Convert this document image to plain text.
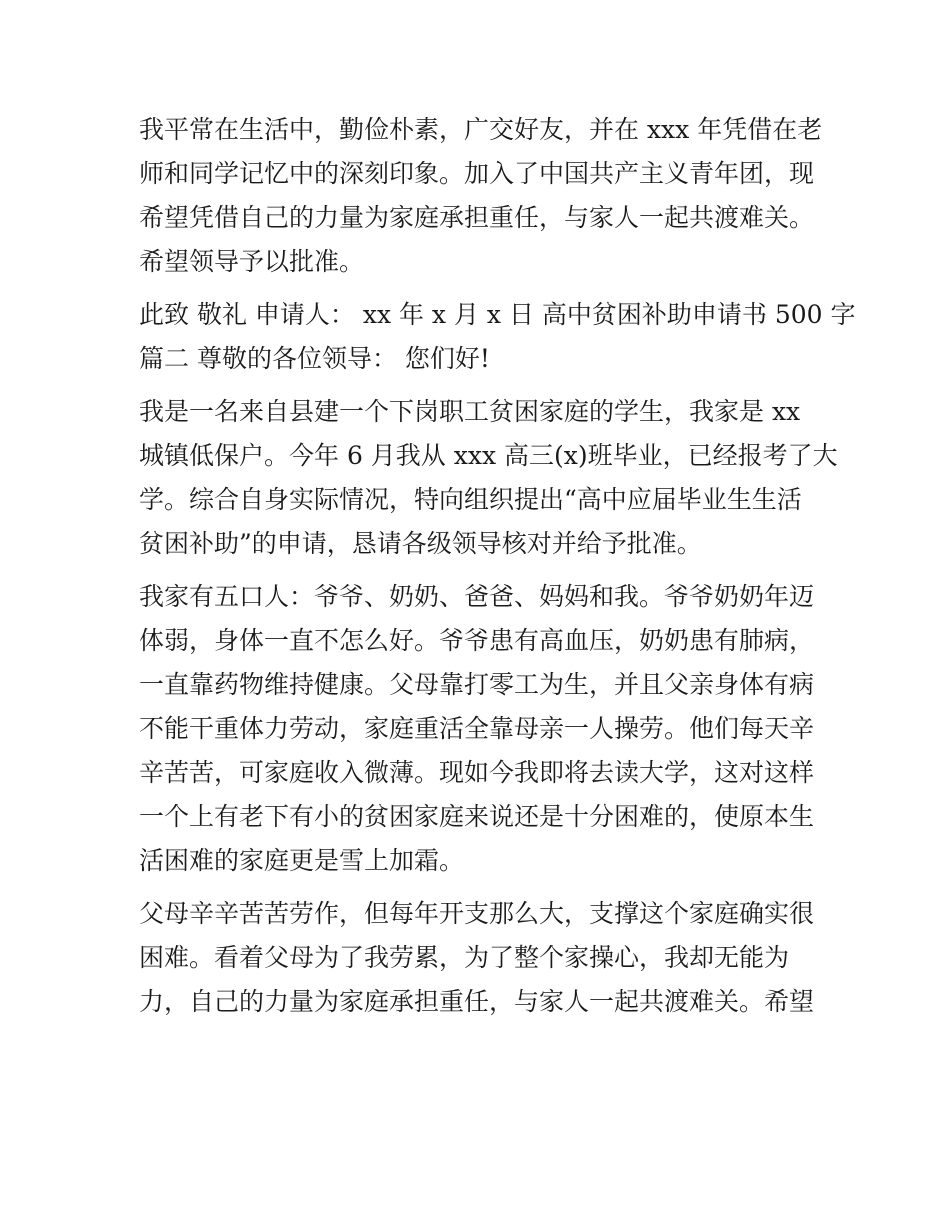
我平常在生活中，勤俭朴素，广交好友，并在 xxx 年凭借在老

师和同学记忆中的深刻印象。加入了中国共产主义青年团，现

希望凭借自己的力量为家庭承担重任，与家人一起共渡难关。

希望领导予以批准。

此致 敬礼 申请人： xx 年 x 月 x 日 高中贫困补助申请书 500 字

篇二 尊敬的各位领导： 您们好!

我是一名来自县建一个下岗职工贫困家庭的学生，我家是 xx

城镇低保户。今年 6 月我从 xxx 高三(x)班毕业，已经报考了大

学。综合自身实际情况，特向组织提出“高中应届毕业生生活

贫困补助”的申请，恳请各级领导核对并给予批准。

我家有五口人：爷爷、奶奶、爸爸、妈妈和我。爷爷奶奶年迈

体弱，身体一直不怎么好。爷爷患有高血压，奶奶患有肺病，

一直靠药物维持健康。父母靠打零工为生，并且父亲身体有病

不能干重体力劳动，家庭重活全靠母亲一人操劳。他们每天辛

辛苦苦，可家庭收入微薄。现如今我即将去读大学，这对这样

一个上有老下有小的贫困家庭来说还是十分困难的，使原本生

活困难的家庭更是雪上加霜。

父母辛辛苦苦劳作，但每年开支那么大，支撑这个家庭确实很

困难。看着父母为了我劳累，为了整个家操心，我却无能为

力，自己的力量为家庭承担重任，与家人一起共渡难关。希望
